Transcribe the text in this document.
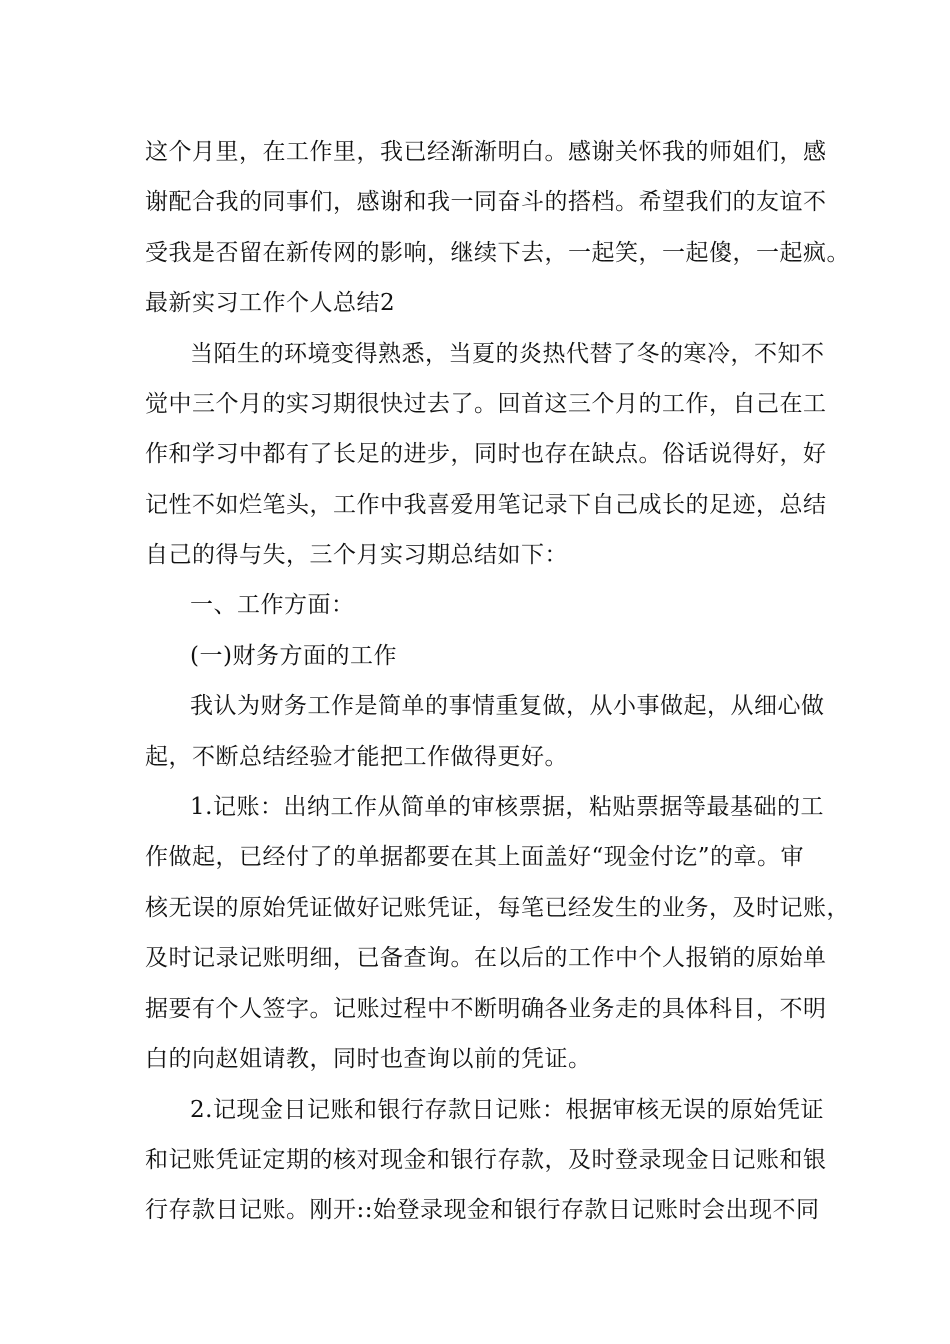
这个月里，在工作里，我已经渐渐明白。感谢关怀我的师姐们，感
谢配合我的同事们，感谢和我一同奋斗的搭档。希望我们的友谊不
受我是否留在新传网的影响，继续下去，一起笑，一起傻，一起疯。
最新实习工作个人总结2
当陌生的环境变得熟悉，当夏的炎热代替了冬的寒冷，不知不
觉中三个月的实习期很快过去了。回首这三个月的工作，自己在工
作和学习中都有了长足的进步，同时也存在缺点。俗话说得好，好
记性不如烂笔头，工作中我喜爱用笔记录下自己成长的足迹，总结
自己的得与失，三个月实习期总结如下：
一、工作方面：
(一)财务方面的工作
我认为财务工作是简单的事情重复做，从小事做起，从细心做
起，不断总结经验才能把工作做得更好。
1.记账：出纳工作从简单的审核票据，粘贴票据等最基础的工
作做起，已经付了的单据都要在其上面盖好“现金付讫”的章。审
核无误的原始凭证做好记账凭证，每笔已经发生的业务，及时记账，
及时记录记账明细，已备查询。在以后的工作中个人报销的原始单
据要有个人签字。记账过程中不断明确各业务走的具体科目，不明
白的向赵姐请教，同时也查询以前的凭证。
2.记现金日记账和银行存款日记账：根据审核无误的原始凭证
和记账凭证定期的核对现金和银行存款，及时登录现金日记账和银
行存款日记账。刚开::始登录现金和银行存款日记账时会出现不同
